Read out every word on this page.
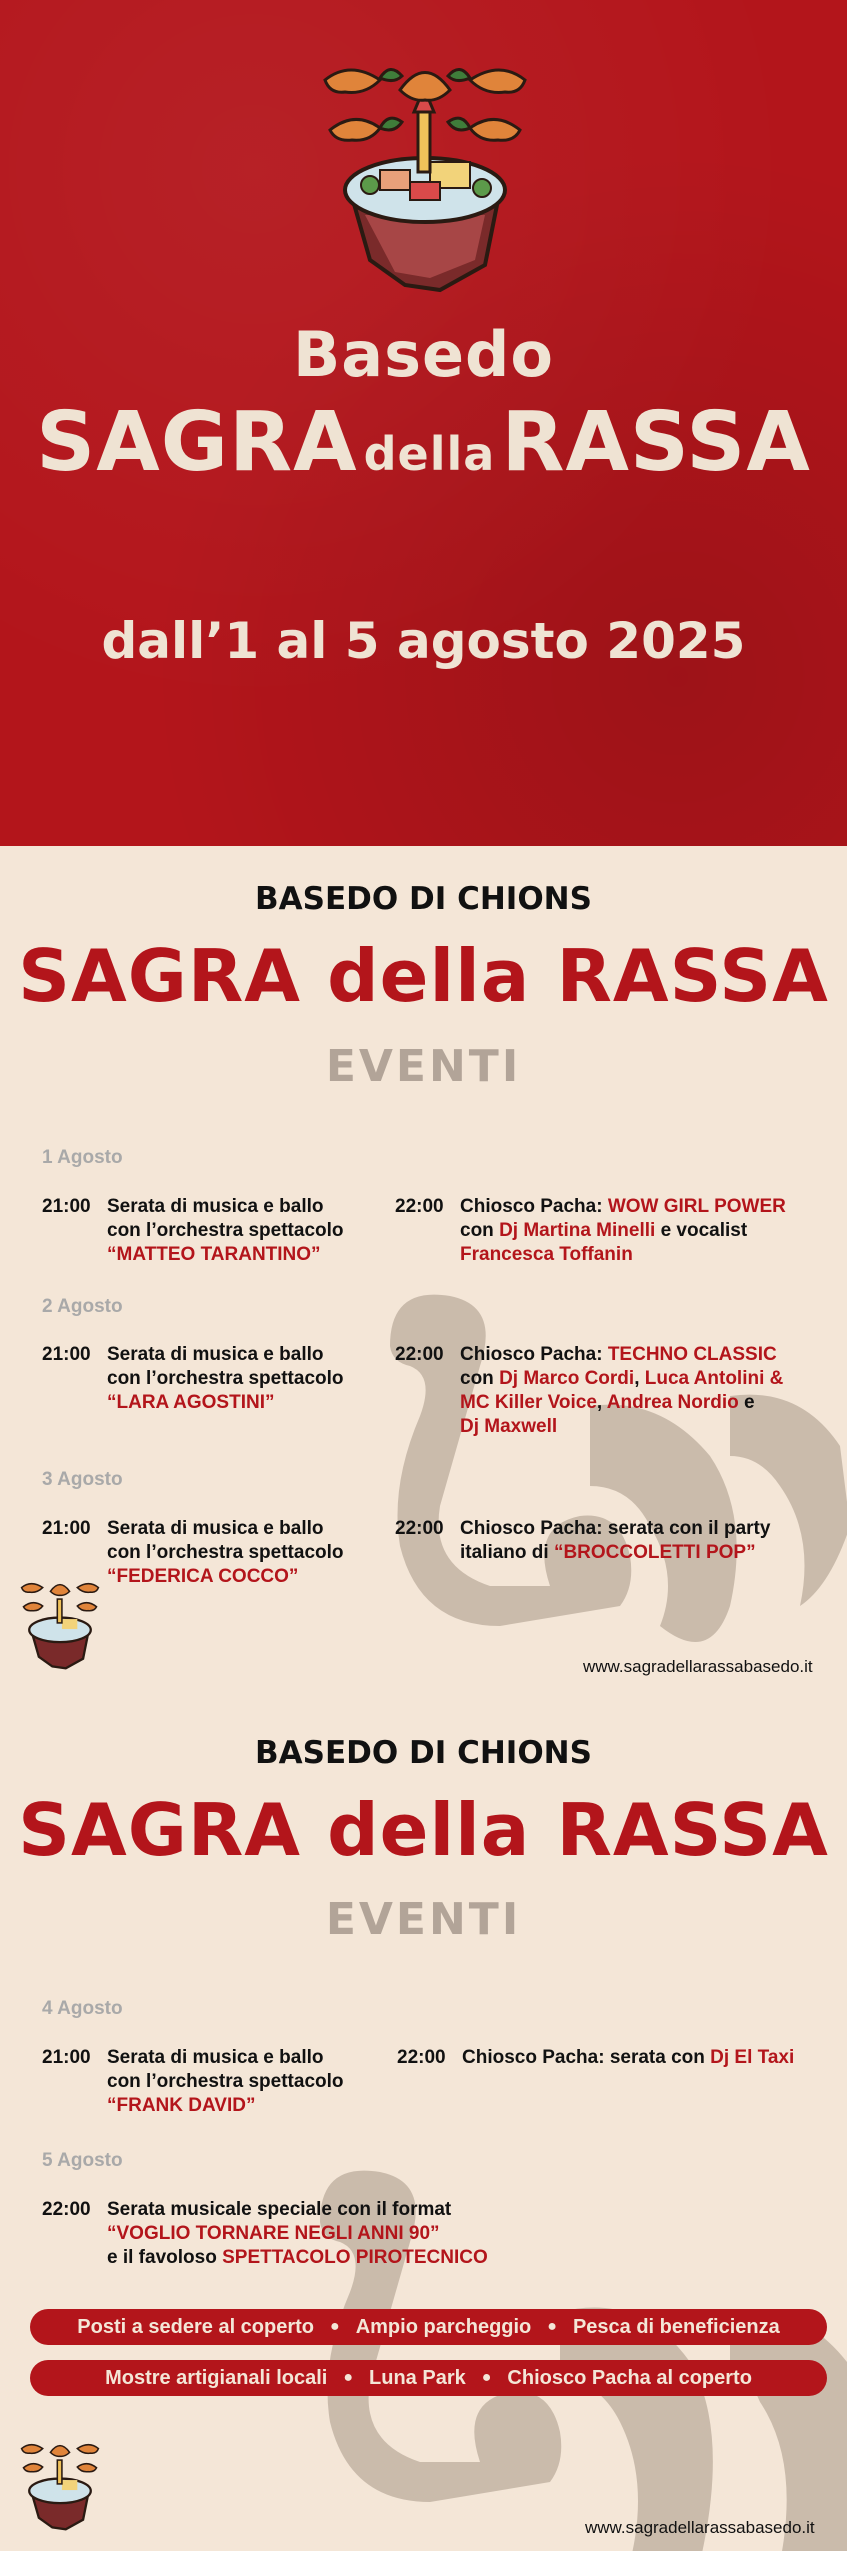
Basedo
SAGRA dellaRASSA
dall’1 al 5 agosto 2025
BASEDO DI CHIONS
SAGRA della RASSA
EVENTI
1 Agosto
21:00 Serata di musica e ballo
con l’orchestra spettacolo
“MATTEO TARANTINO”
22:00 Chiosco Pacha: WOW GIRL POWER
con Dj Martina Minelli e vocalist
Francesca Toffanin
2 Agosto
21:00 Serata di musica e ballo
con l’orchestra spettacolo
“LARA AGOSTINI”
22:00 Chiosco Pacha: TECHNO CLASSIC
con Dj Marco Cordi, Luca Antolini &
MC Killer Voice, Andrea Nordio e
Dj Maxwell
3 Agosto
21:00 Serata di musica e ballo
con l’orchestra spettacolo
“FEDERICA COCCO”
22:00 Chiosco Pacha: serata con il party
italiano di “BROCCOLETTI POP”
www.sagradellarassabasedo.it
BASEDO DI CHIONS
SAGRA della RASSA
EVENTI
4 Agosto
21:00 Serata di musica e ballo
con l’orchestra spettacolo
“FRANK DAVID”
22:00 Chiosco Pacha: serata con Dj El Taxi
5 Agosto
22:00 Serata musicale speciale con il format
“VOGLIO TORNARE NEGLI ANNI 90”
e il favoloso SPETTACOLO PIROTECNICO
Posti a sedere al coperto ● Ampio parcheggio ● Pesca di beneficienza
Mostre artigianali locali ● Luna Park ● Chiosco Pacha al coperto
www.sagradellarassabasedo.it
